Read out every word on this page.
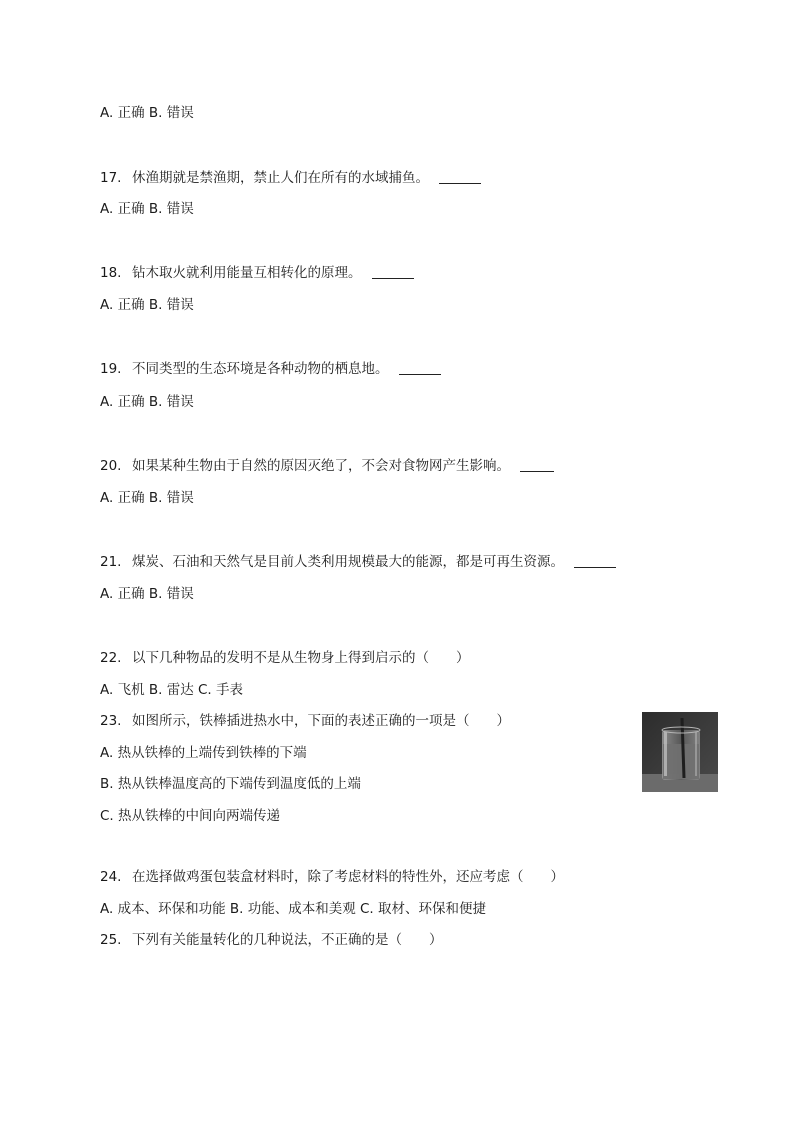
A. 正确 B. 错误
17. 休渔期就是禁渔期，禁止人们在所有的水域捕鱼。
A. 正确 B. 错误
18. 钻木取火就利用能量互相转化的原理。
A. 正确 B. 错误
19. 不同类型的生态环境是各种动物的栖息地。
A. 正确 B. 错误
20. 如果某种生物由于自然的原因灭绝了，不会对食物网产生影响。
A. 正确 B. 错误
21. 煤炭、石油和天然气是目前人类利用规模最大的能源，都是可再生资源。
A. 正确 B. 错误
22. 以下几种物品的发明不是从生物身上得到启示的（　　）
A. 飞机 B. 雷达 C. 手表
23. 如图所示，铁棒插进热水中，下面的表述正确的一项是（　　）
A. 热从铁棒的上端传到铁棒的下端
B. 热从铁棒温度高的下端传到温度低的上端
C. 热从铁棒的中间向两端传递
24. 在选择做鸡蛋包装盒材料时，除了考虑材料的特性外，还应考虑（　　）
A. 成本、环保和功能 B. 功能、成本和美观 C. 取材、环保和便捷
25. 下列有关能量转化的几种说法，不正确的是（　　）
